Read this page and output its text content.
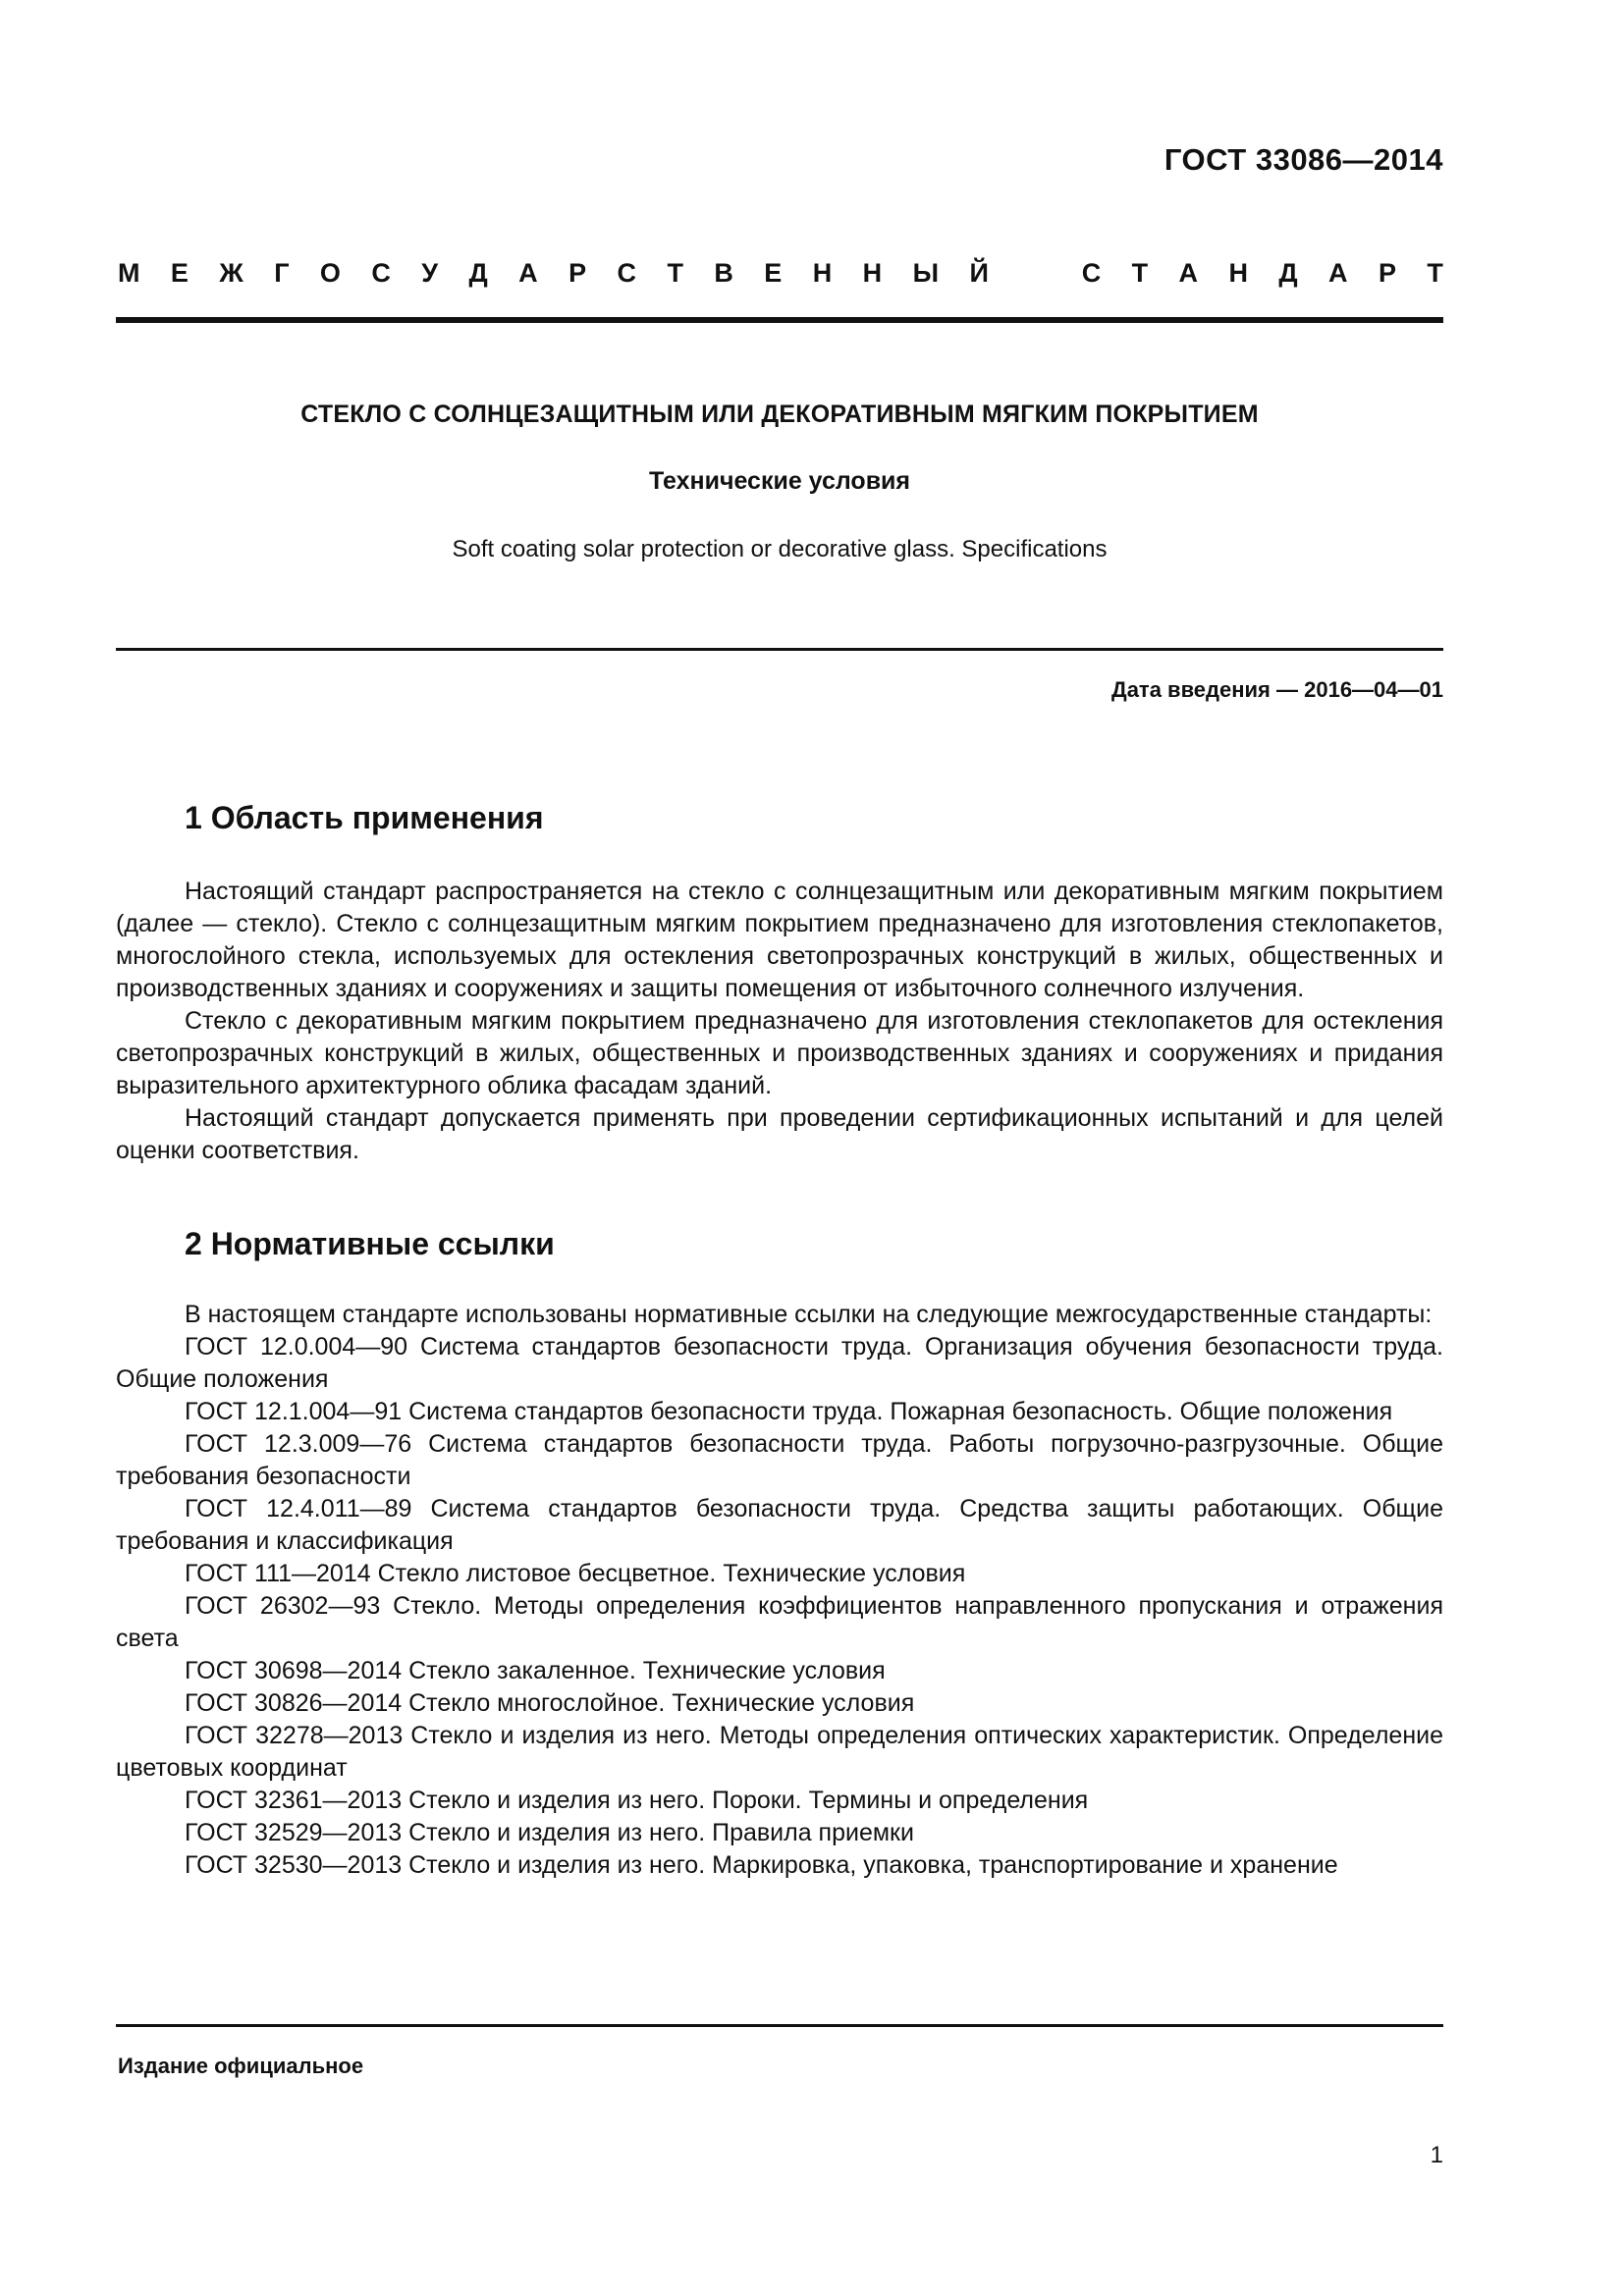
ГОСТ 33086—2014
М Е Ж Г О С У Д А Р С Т В Е Н Н Ы Й	С Т А Н Д А Р Т
СТЕКЛО С СОЛНЦЕЗАЩИТНЫМ ИЛИ ДЕКОРАТИВНЫМ МЯГКИМ ПОКРЫТИЕМ
Технические условия
Soft coating solar protection or decorative glass. Specifications
Дата введения — 2016—04—01
1 Область применения

Настоящий стандарт распространяется на стекло с солнцезащитным или декоративным мягким покрытием (далее — стекло). Стекло с солнцезащитным мягким покрытием предназначено для изготовления стеклопакетов, многослойного стекла, используемых для остекления светопрозрачных конструкций в жилых, общественных и производственных зданиях и сооружениях и защиты помещения от избыточного солнечного излучения.

Стекло с декоративным мягким покрытием предназначено для изготовления стеклопакетов для остекления светопрозрачных конструкций в жилых, общественных и производственных зданиях и сооружениях и придания выразительного архитектурного облика фасадам зданий.

Настоящий стандарт допускается применять при проведении сертификационных испытаний и для целей оценки соответствия.

2 Нормативные ссылки

В настоящем стандарте использованы нормативные ссылки на следующие межгосударственные стандарты:

ГОСТ 12.0.004—90 Система стандартов безопасности труда. Организация обучения безопасности труда. Общие положения

ГОСТ 12.1.004—91 Система стандартов безопасности труда. Пожарная безопасность. Общие положения

ГОСТ 12.3.009—76 Система стандартов безопасности труда. Работы погрузочно-разгрузочные. Общие требования безопасности

ГОСТ 12.4.011—89 Система стандартов безопасности труда. Средства защиты работающих. Общие требования и классификация

ГОСТ 111—2014 Стекло листовое бесцветное. Технические условия

ГОСТ 26302—93 Стекло. Методы определения коэффициентов направленного пропускания и отражения света

ГОСТ 30698—2014 Стекло закаленное. Технические условия

ГОСТ 30826—2014 Стекло многослойное. Технические условия

ГОСТ 32278—2013 Стекло и изделия из него. Методы определения оптических характеристик. Определение цветовых координат

ГОСТ 32361—2013 Стекло и изделия из него. Пороки. Термины и определения

ГОСТ 32529—2013 Стекло и изделия из него. Правила приемки

ГОСТ 32530—2013 Стекло и изделия из него. Маркировка, упаковка, транспортирование и хранение

Издание официальное
1
